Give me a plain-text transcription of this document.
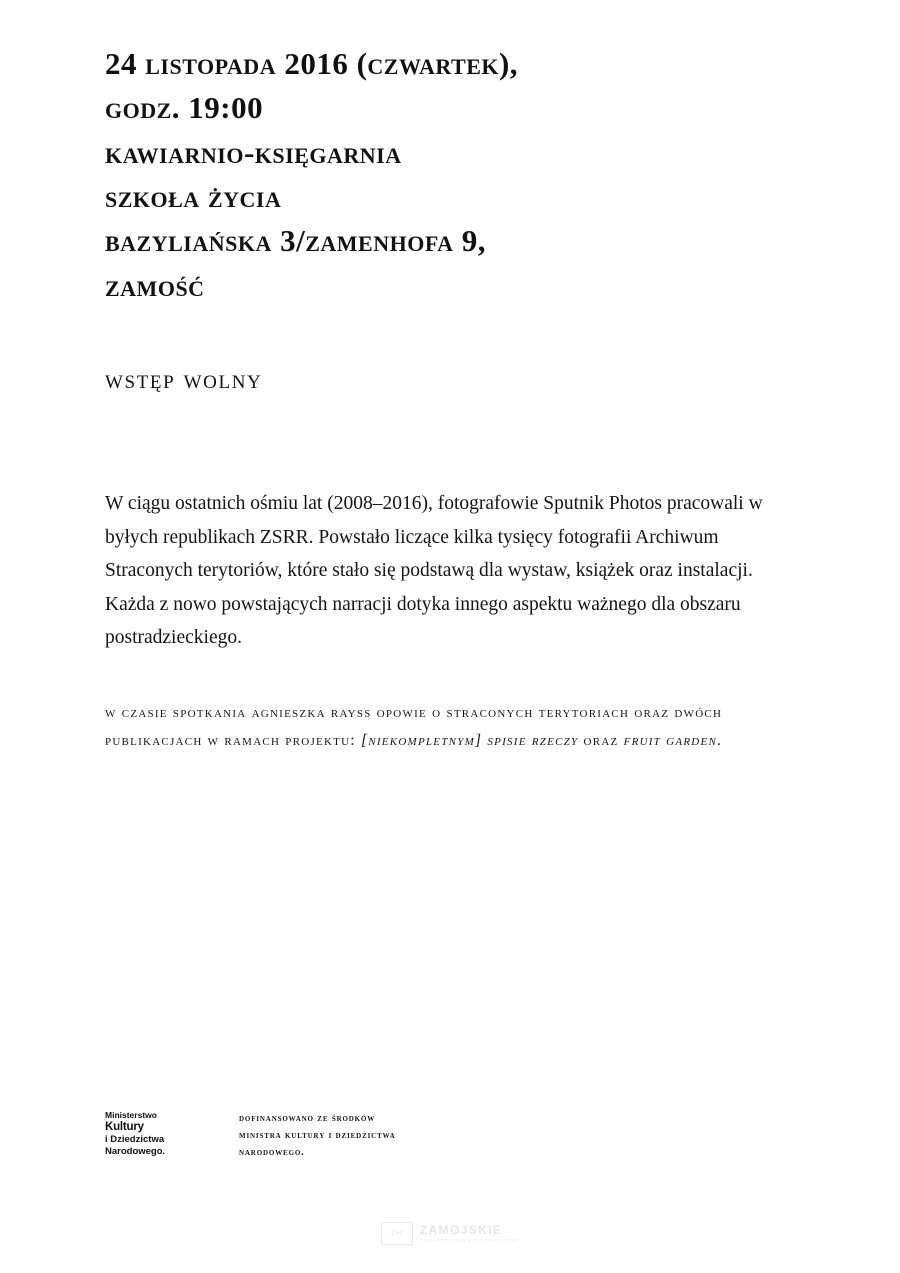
24 listopada 2016 (czwartek),
godz. 19:00
kawiarnio-księgarnia
szkoła życia
bazyliańska 3/zamenhofa 9,
zamość
wstęp wolny

W ciągu ostatnich ośmiu lat (2008–2016), fotografowie Sputnik Photos pracowali w byłych republikach ZSRR. Powstało liczące kilka tysięcy fotografii Archiwum Straconych terytoriów, które stało się podstawą dla wystaw, książek oraz instalacji. Każda z nowo powstających narracji dotyka innego aspektu ważnego dla obszaru postradzieckiego.

w czasie spotkania agnieszka rayss opowie o straconych terytoriach oraz dwóch publikacjach w ramach projektu: [niekompletnym] spisie rzeczy oraz fruit garden.
Ministerstwo
Kultury
i Dziedzictwa
Narodowego.
dofinansowano ze środków
ministra kultury i dziedzictwa
narodowego.
ZH	ZAMOJSKIE
TOWARZYSTWO FOTOGRAFICZNE
